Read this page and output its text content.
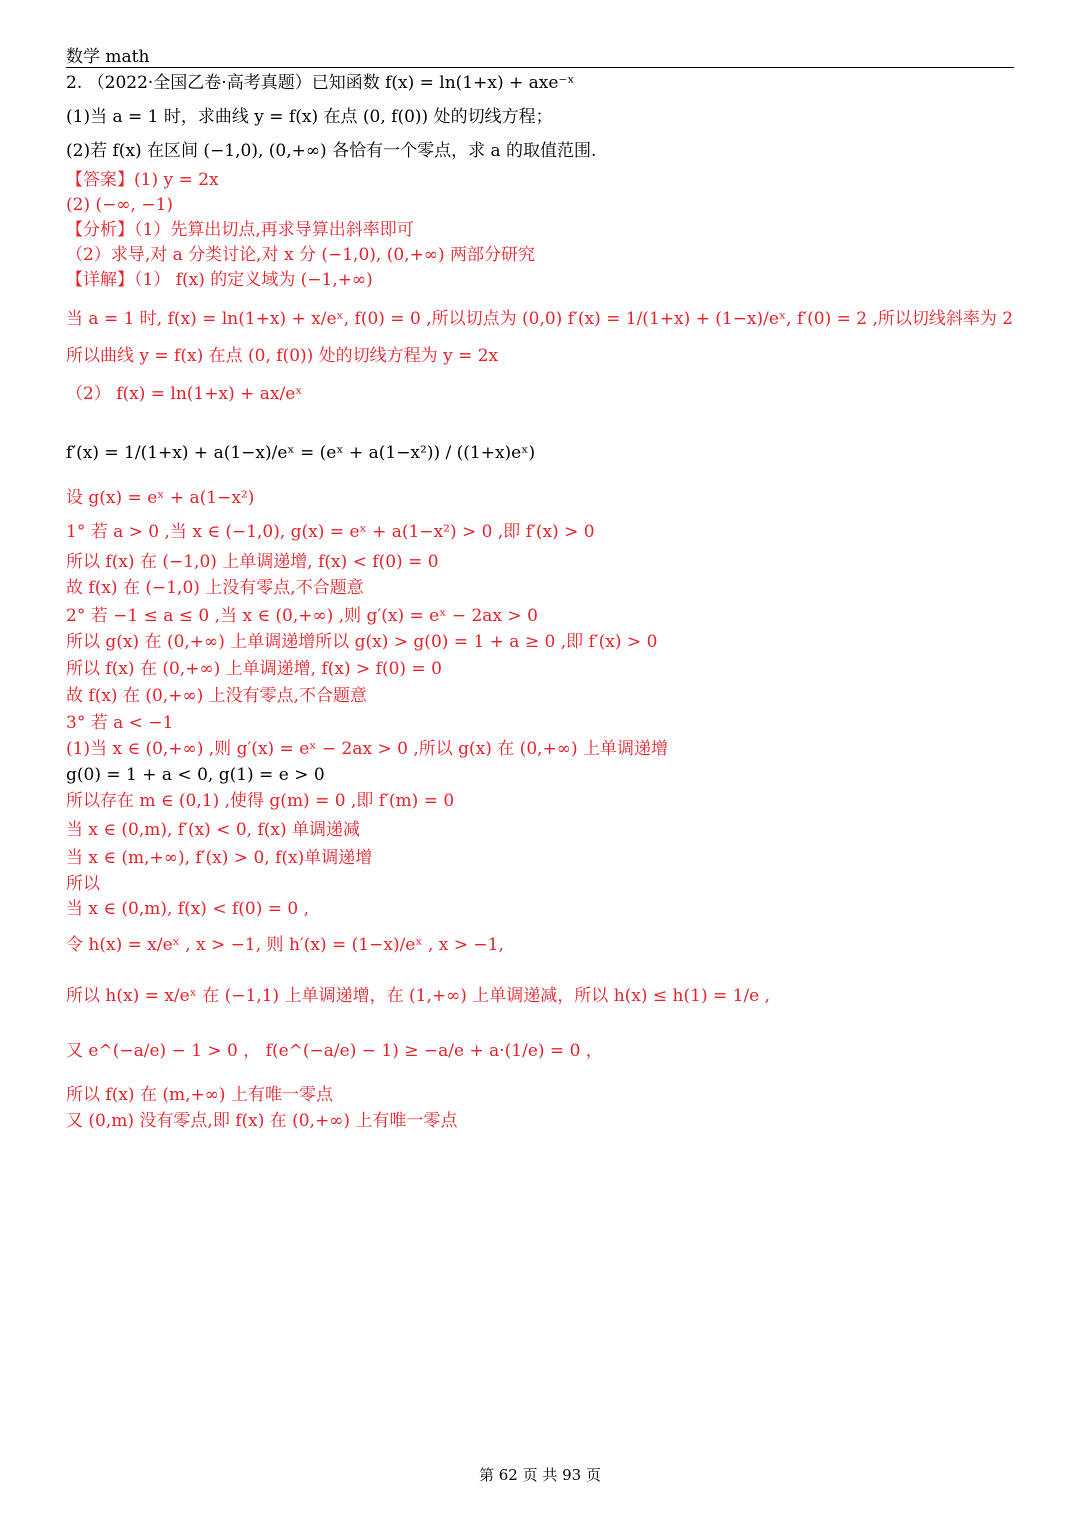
数学 math
2. （2022·全国乙卷·高考真题）已知函数 f(x) = ln(1+x) + axe⁻ˣ
(1)当 a = 1 时，求曲线 y = f(x) 在点 (0, f(0)) 处的切线方程；
(2)若 f(x) 在区间 (−1,0), (0,+∞) 各恰有一个零点，求 a 的取值范围.
【答案】(1) y = 2x
(2) (−∞, −1)
【分析】（1）先算出切点,再求导算出斜率即可
（2）求导,对 a 分类讨论,对 x 分 (−1,0), (0,+∞) 两部分研究
【详解】（1） f(x) 的定义域为 (−1,+∞)
当 a = 1 时, f(x) = ln(1+x) + x/eˣ, f(0) = 0 ,所以切点为 (0,0) f′(x) = 1/(1+x) + (1−x)/eˣ, f′(0) = 2 ,所以切线斜率为 2
所以曲线 y = f(x) 在点 (0, f(0)) 处的切线方程为 y = 2x
（2） f(x) = ln(1+x) + ax/eˣ
f′(x) = 1/(1+x) + a(1−x)/eˣ = (eˣ + a(1−x²)) / ((1+x)eˣ)
设 g(x) = eˣ + a(1−x²)
1° 若 a > 0 ,当 x ∈ (−1,0), g(x) = eˣ + a(1−x²) > 0 ,即 f′(x) > 0
所以 f(x) 在 (−1,0) 上单调递增, f(x) < f(0) = 0
故 f(x) 在 (−1,0) 上没有零点,不合题意
2° 若 −1 ≤ a ≤ 0 ,当 x ∈ (0,+∞) ,则 g′(x) = eˣ − 2ax > 0
所以 g(x) 在 (0,+∞) 上单调递增所以 g(x) > g(0) = 1 + a ≥ 0 ,即 f′(x) > 0
所以 f(x) 在 (0,+∞) 上单调递增, f(x) > f(0) = 0
故 f(x) 在 (0,+∞) 上没有零点,不合题意
3° 若 a < −1
(1)当 x ∈ (0,+∞) ,则 g′(x) = eˣ − 2ax > 0 ,所以 g(x) 在 (0,+∞) 上单调递增
g(0) = 1 + a < 0, g(1) = e > 0
所以存在 m ∈ (0,1) ,使得 g(m) = 0 ,即 f′(m) = 0
当 x ∈ (0,m), f′(x) < 0, f(x) 单调递减
当 x ∈ (m,+∞), f′(x) > 0, f(x)单调递增
所以
当 x ∈ (0,m), f(x) < f(0) = 0 ,
令 h(x) = x/eˣ , x > −1, 则 h′(x) = (1−x)/eˣ , x > −1,
所以 h(x) = x/eˣ 在 (−1,1) 上单调递增，在 (1,+∞) 上单调递减，所以 h(x) ≤ h(1) = 1/e ,
又 e^(−a/e) − 1 > 0 ， f(e^(−a/e) − 1) ≥ −a/e + a·(1/e) = 0 ，
所以 f(x) 在 (m,+∞) 上有唯一零点
又 (0,m) 没有零点,即 f(x) 在 (0,+∞) 上有唯一零点
第 62 页 共 93 页
